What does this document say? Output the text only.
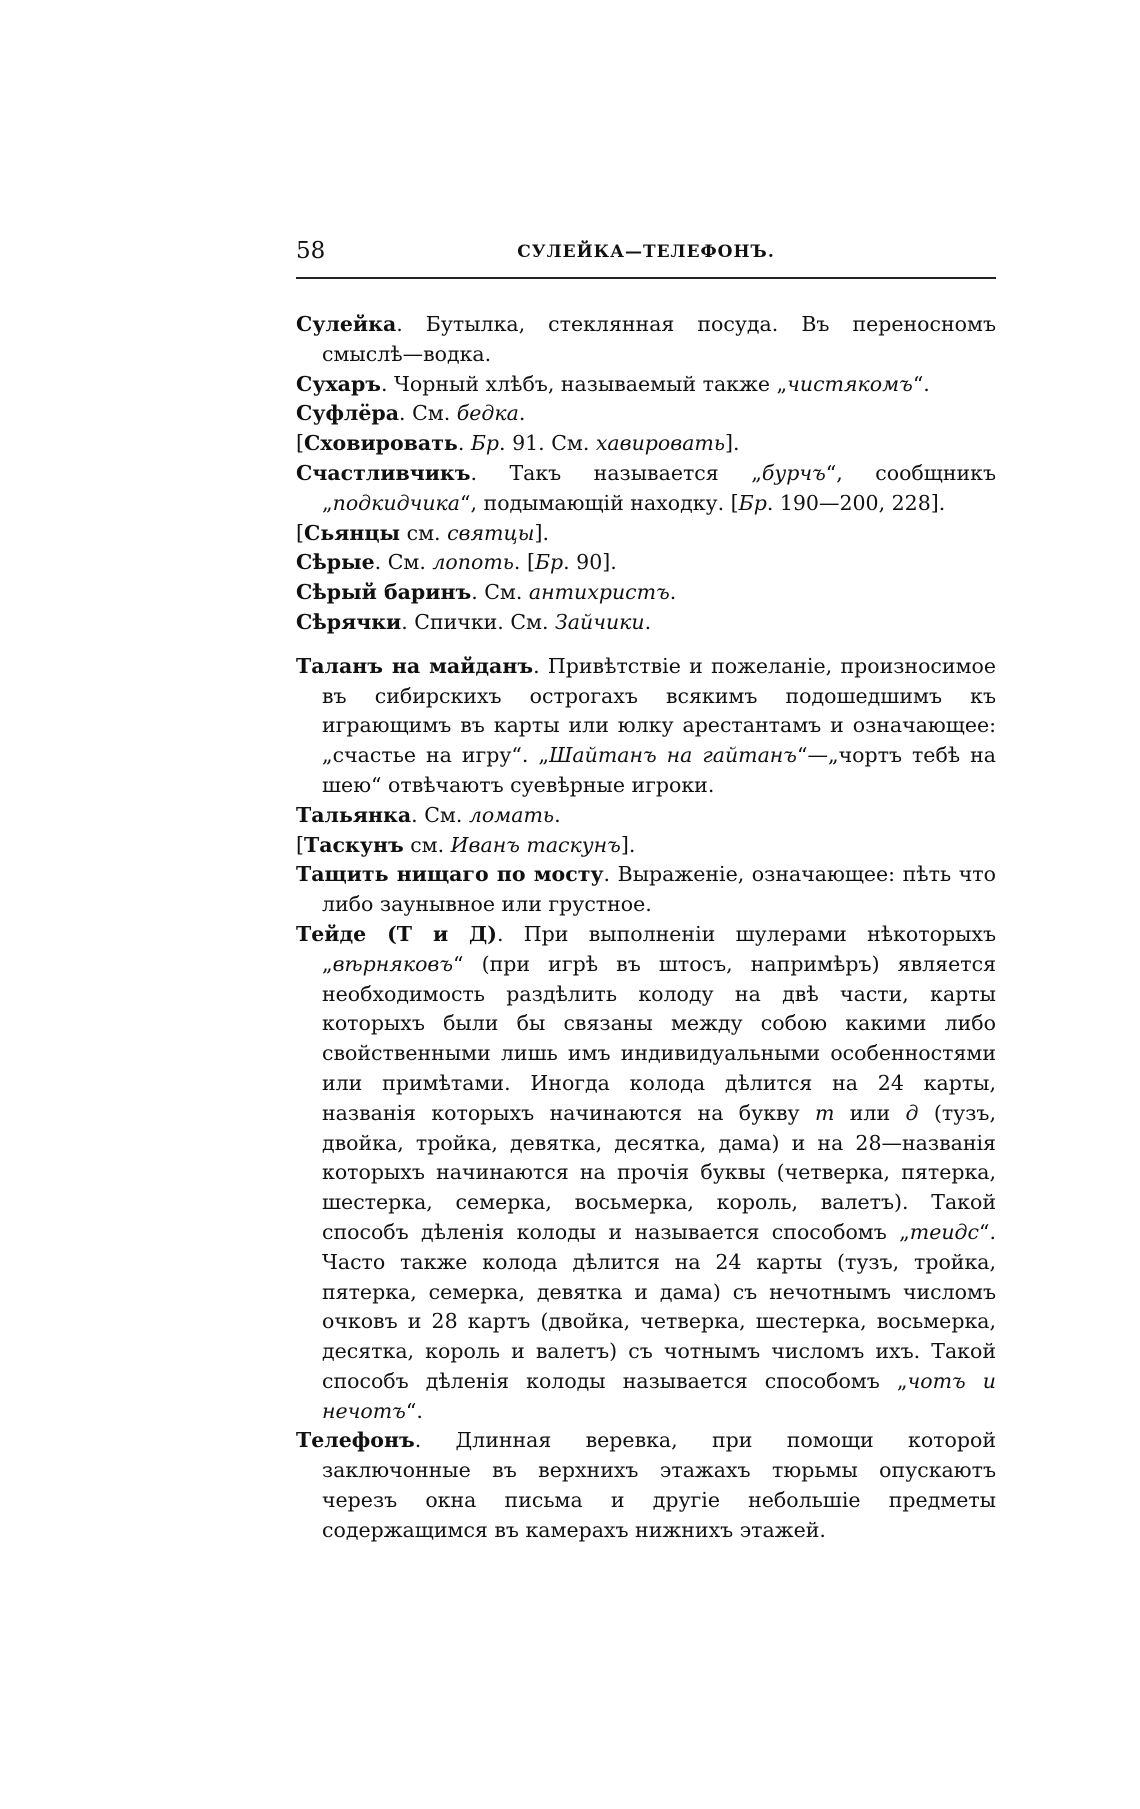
58	СУЛЕЙКА—ТЕЛЕФОНЪ.

Сулейка. Бутылка, стеклянная посуда. Въ переносномъ смыслѣ—водка.

Сухаръ. Чорный хлѣбъ, называемый также „чистякомъ“.

Суфлёра. См. бедка.

[Сховировать. Бр. 91. См. хавировать].

Счастливчикъ. Такъ называется „бурчъ“, сообщникъ „подкидчика“, подымающій находку. [Бр. 190—200, 228].

[Сьянцы см. святцы].

Сѣрые. См. лопоть. [Бр. 90].

Сѣрый баринъ. См. антихристъ.

Сѣрячки. Спички. См. Зайчики.

Таланъ на майданъ. Привѣтствіе и пожеланіе, произносимое въ сибирскихъ острогахъ всякимъ подошедшимъ къ играющимъ въ карты или юлку арестантамъ и означающее: „счастье на игру“. „Шайтанъ на гайтанъ“—„чортъ тебѣ на шею“ отвѣчаютъ суевѣрные игроки.

Тальянка. См. ломать.

[Таскунъ см. Иванъ таскунъ].

Тащить нищаго по мосту. Выраженіе, означающее: пѣть что либо заунывное или грустное.

Тейде (Т и Д). При выполненіи шулерами нѣкоторыхъ „вѣрняковъ“ (при игрѣ въ штосъ, напримѣръ) является необходимость раздѣлить колоду на двѣ части, карты которыхъ были бы связаны между собою какими либо свойственными лишь имъ индивидуальными особенностями или примѣтами. Иногда колода дѣлится на 24 карты, названія которыхъ начинаются на букву т или д (тузъ, двойка, тройка, девятка, десятка, дама) и на 28—названія которыхъ начинаются на прочія буквы (четверка, пятерка, шестерка, семерка, восьмерка, король, валетъ). Такой способъ дѣленія колоды и называется способомъ „теидс“. Часто также колода дѣлится на 24 карты (тузъ, тройка, пятерка, семерка, девятка и дама) съ нечотнымъ числомъ очковъ и 28 картъ (двойка, четверка, шестерка, восьмерка, десятка, король и валетъ) съ чотнымъ числомъ ихъ. Такой способъ дѣленія колоды называется способомъ „чотъ и нечотъ“.

Телефонъ. Длинная веревка, при помощи которой заключонные въ верхнихъ этажахъ тюрьмы опускаютъ черезъ окна письма и другіе небольшіе предметы содержащимся въ камерахъ нижнихъ этажей.
